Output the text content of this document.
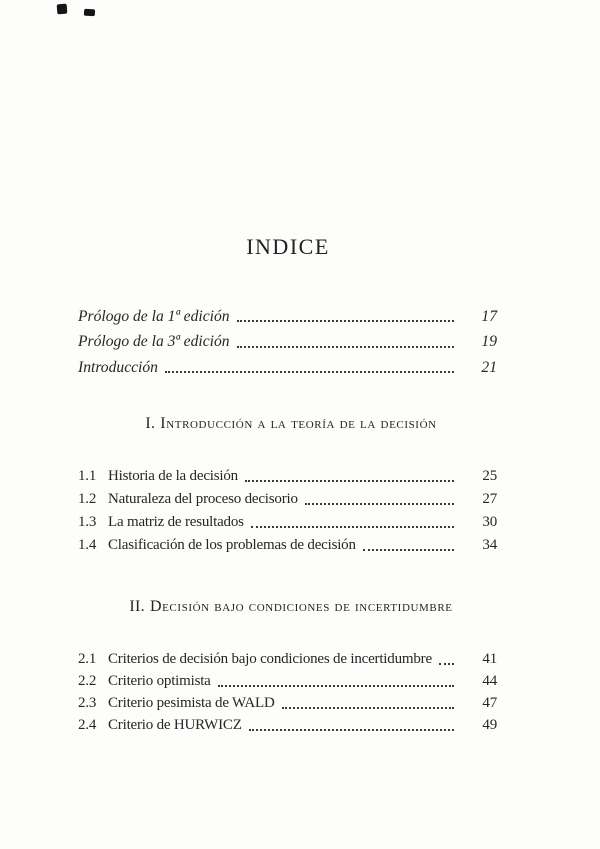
INDICE
Prólogo de la 1ª edición	17
Prólogo de la 3ª edición	19
Introducción	21
I. Introducción a la teoría de la decisión
1.1 Historia de la decisión	25
1.2 Naturaleza del proceso decisorio	27
1.3 La matriz de resultados	30
1.4 Clasificación de los problemas de decisión	34
II. Decisión bajo condiciones de incertidumbre
2.1 Criterios de decisión bajo condiciones de incertidumbre	41
2.2 Criterio optimista	44
2.3 Criterio pesimista de WALD	47
2.4 Criterio de HURWICZ	49
